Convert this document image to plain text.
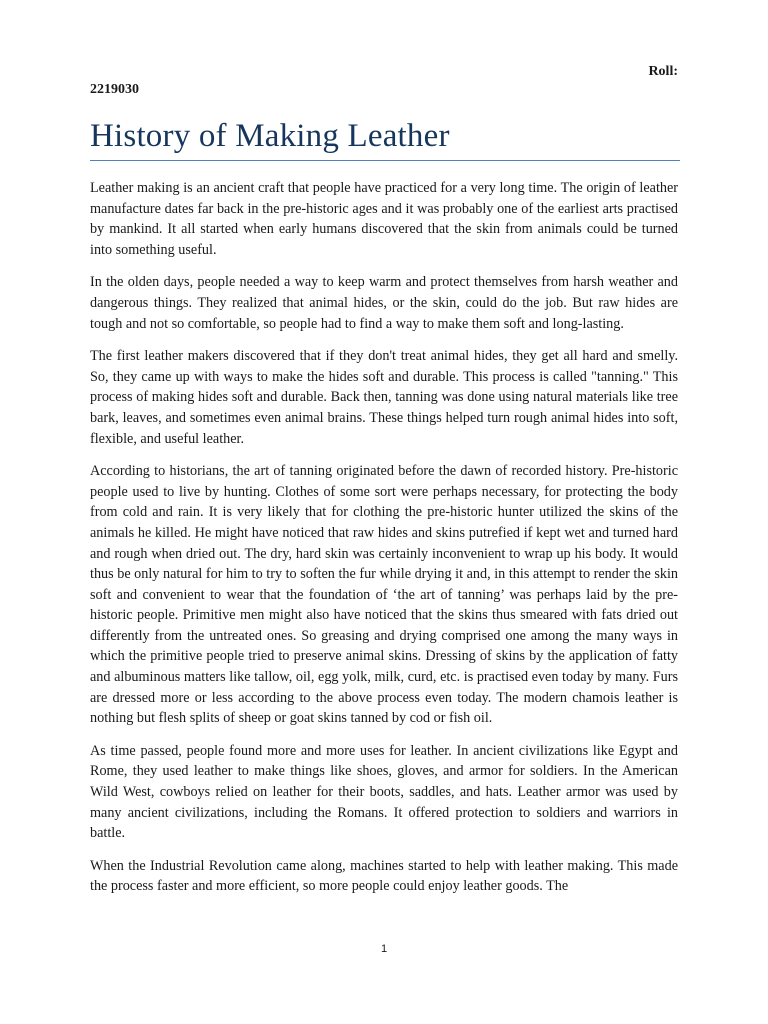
Roll:
2219030
History of Making Leather

Leather making is an ancient craft that people have practiced for a very long time. The origin of leather manufacture dates far back in the pre-historic ages and it was probably one of the earliest arts practised by mankind. It all started when early humans discovered that the skin from animals could be turned into something useful.

In the olden days, people needed a way to keep warm and protect themselves from harsh weather and dangerous things. They realized that animal hides, or the skin, could do the job. But raw hides are tough and not so comfortable, so people had to find a way to make them soft and long-lasting.

The first leather makers discovered that if they don't treat animal hides, they get all hard and smelly. So, they came up with ways to make the hides soft and durable. This process is called "tanning." This process of making hides soft and durable. Back then, tanning was done using natural materials like tree bark, leaves, and sometimes even animal brains. These things helped turn rough animal hides into soft, flexible, and useful leather.

According to historians, the art of tanning originated before the dawn of recorded history. Pre-historic people used to live by hunting. Clothes of some sort were perhaps necessary, for protecting the body from cold and rain. It is very likely that for clothing the pre-historic hunter utilized the skins of the animals he killed. He might have noticed that raw hides and skins putrefied if kept wet and turned hard and rough when dried out. The dry, hard skin was certainly inconvenient to wrap up his body. It would thus be only natural for him to try to soften the fur while drying it and, in this attempt to render the skin soft and convenient to wear that the foundation of ‘the art of tanning’ was perhaps laid by the pre-historic people. Primitive men might also have noticed that the skins thus smeared with fats dried out differently from the untreated ones. So greasing and drying comprised one among the many ways in which the primitive people tried to preserve animal skins. Dressing of skins by the application of fatty and albuminous matters like tallow, oil, egg yolk, milk, curd, etc. is practised even today by many. Furs are dressed more or less according to the above process even today. The modern chamois leather is nothing but flesh splits of sheep or goat skins tanned by cod or fish oil.

As time passed, people found more and more uses for leather. In ancient civilizations like Egypt and Rome, they used leather to make things like shoes, gloves, and armor for soldiers. In the American Wild West, cowboys relied on leather for their boots, saddles, and hats. Leather armor was used by many ancient civilizations, including the Romans. It offered protection to soldiers and warriors in battle.

When the Industrial Revolution came along, machines started to help with leather making. This made the process faster and more efficient, so more people could enjoy leather goods. The

1
